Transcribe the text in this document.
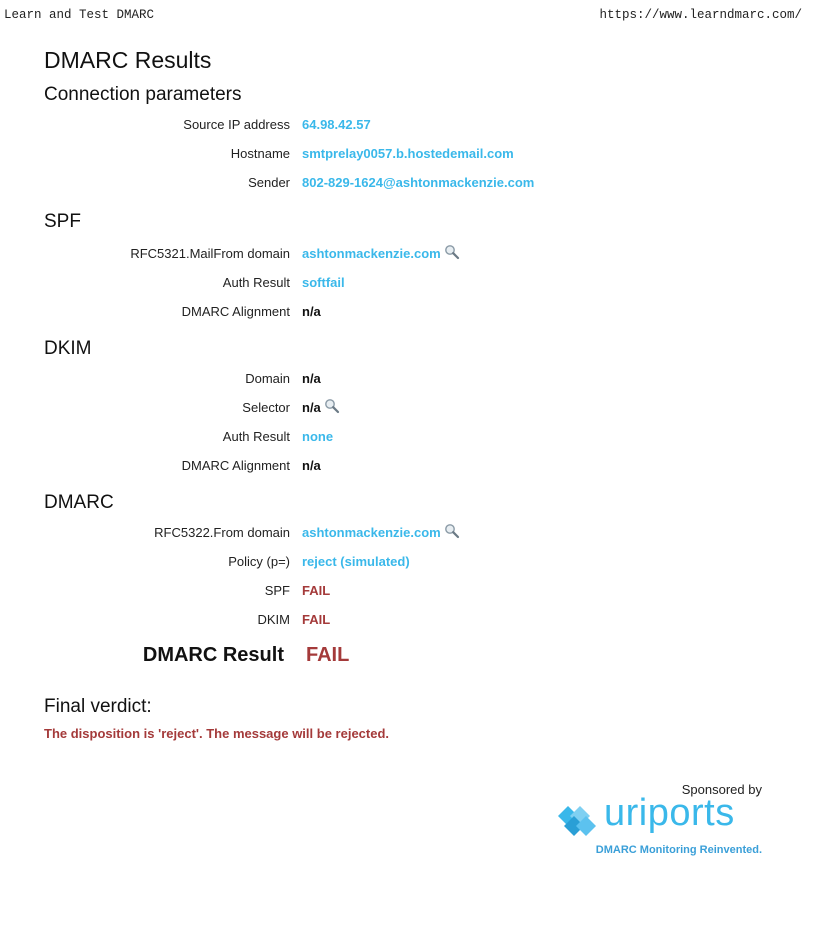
Learn and Test DMARC	https://www.learndmarc.com/
DMARC Results
Connection parameters
Source IP address 64.98.42.57
Hostname smtprelay0057.b.hostedemail.com
Sender 802-829-1624@ashtonmackenzie.com
SPF
RFC5321.MailFrom domain ashtonmackenzie.com
Auth Result softfail
DMARC Alignment n/a
DKIM
Domain n/a
Selector n/a
Auth Result none
DMARC Alignment n/a
DMARC
RFC5322.From domain ashtonmackenzie.com
Policy (p=) reject (simulated)
SPF FAIL
DKIM FAIL
DMARC Result FAIL
Final verdict:
The disposition is 'reject'. The message will be rejected.
Sponsored by
uriports
DMARC Monitoring Reinvented.
